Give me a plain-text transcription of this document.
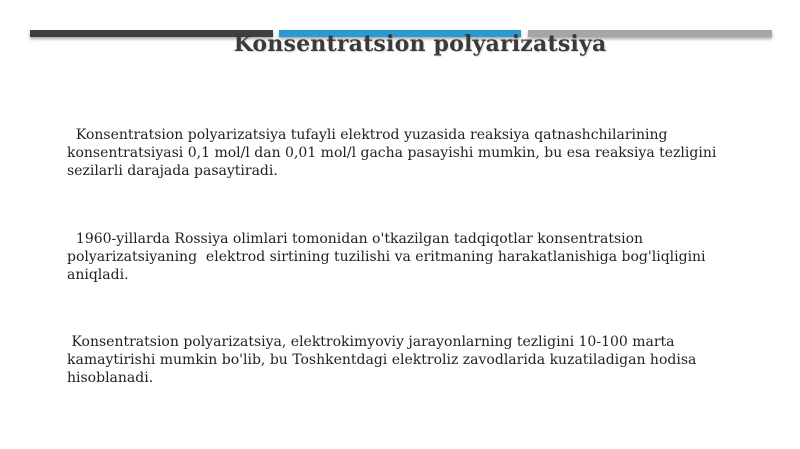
Konsentratsion polyarizatsiya

Konsentratsion polyarizatsiya tufayli elektrod yuzasida reaksiya qatnashchilarining konsentratsiyasi 0,1 mol/l dan 0,01 mol/l gacha pasayishi mumkin, bu esa reaksiya tezligini sezilarli darajada pasaytiradi.

1960-yillarda Rossiya olimlari tomonidan o'tkazilgan tadqiqotlar konsentratsion polyarizatsiyaning  elektrod sirtining tuzilishi va eritmaning harakatlanishiga bog'liqligini aniqladi.

Konsentratsion polyarizatsiya, elektrokimyoviy jarayonlarning tezligini 10-100 marta kamaytirishi mumkin bo'lib, bu Toshkentdagi elektroliz zavodlarida kuzatiladigan hodisa hisoblanadi.
